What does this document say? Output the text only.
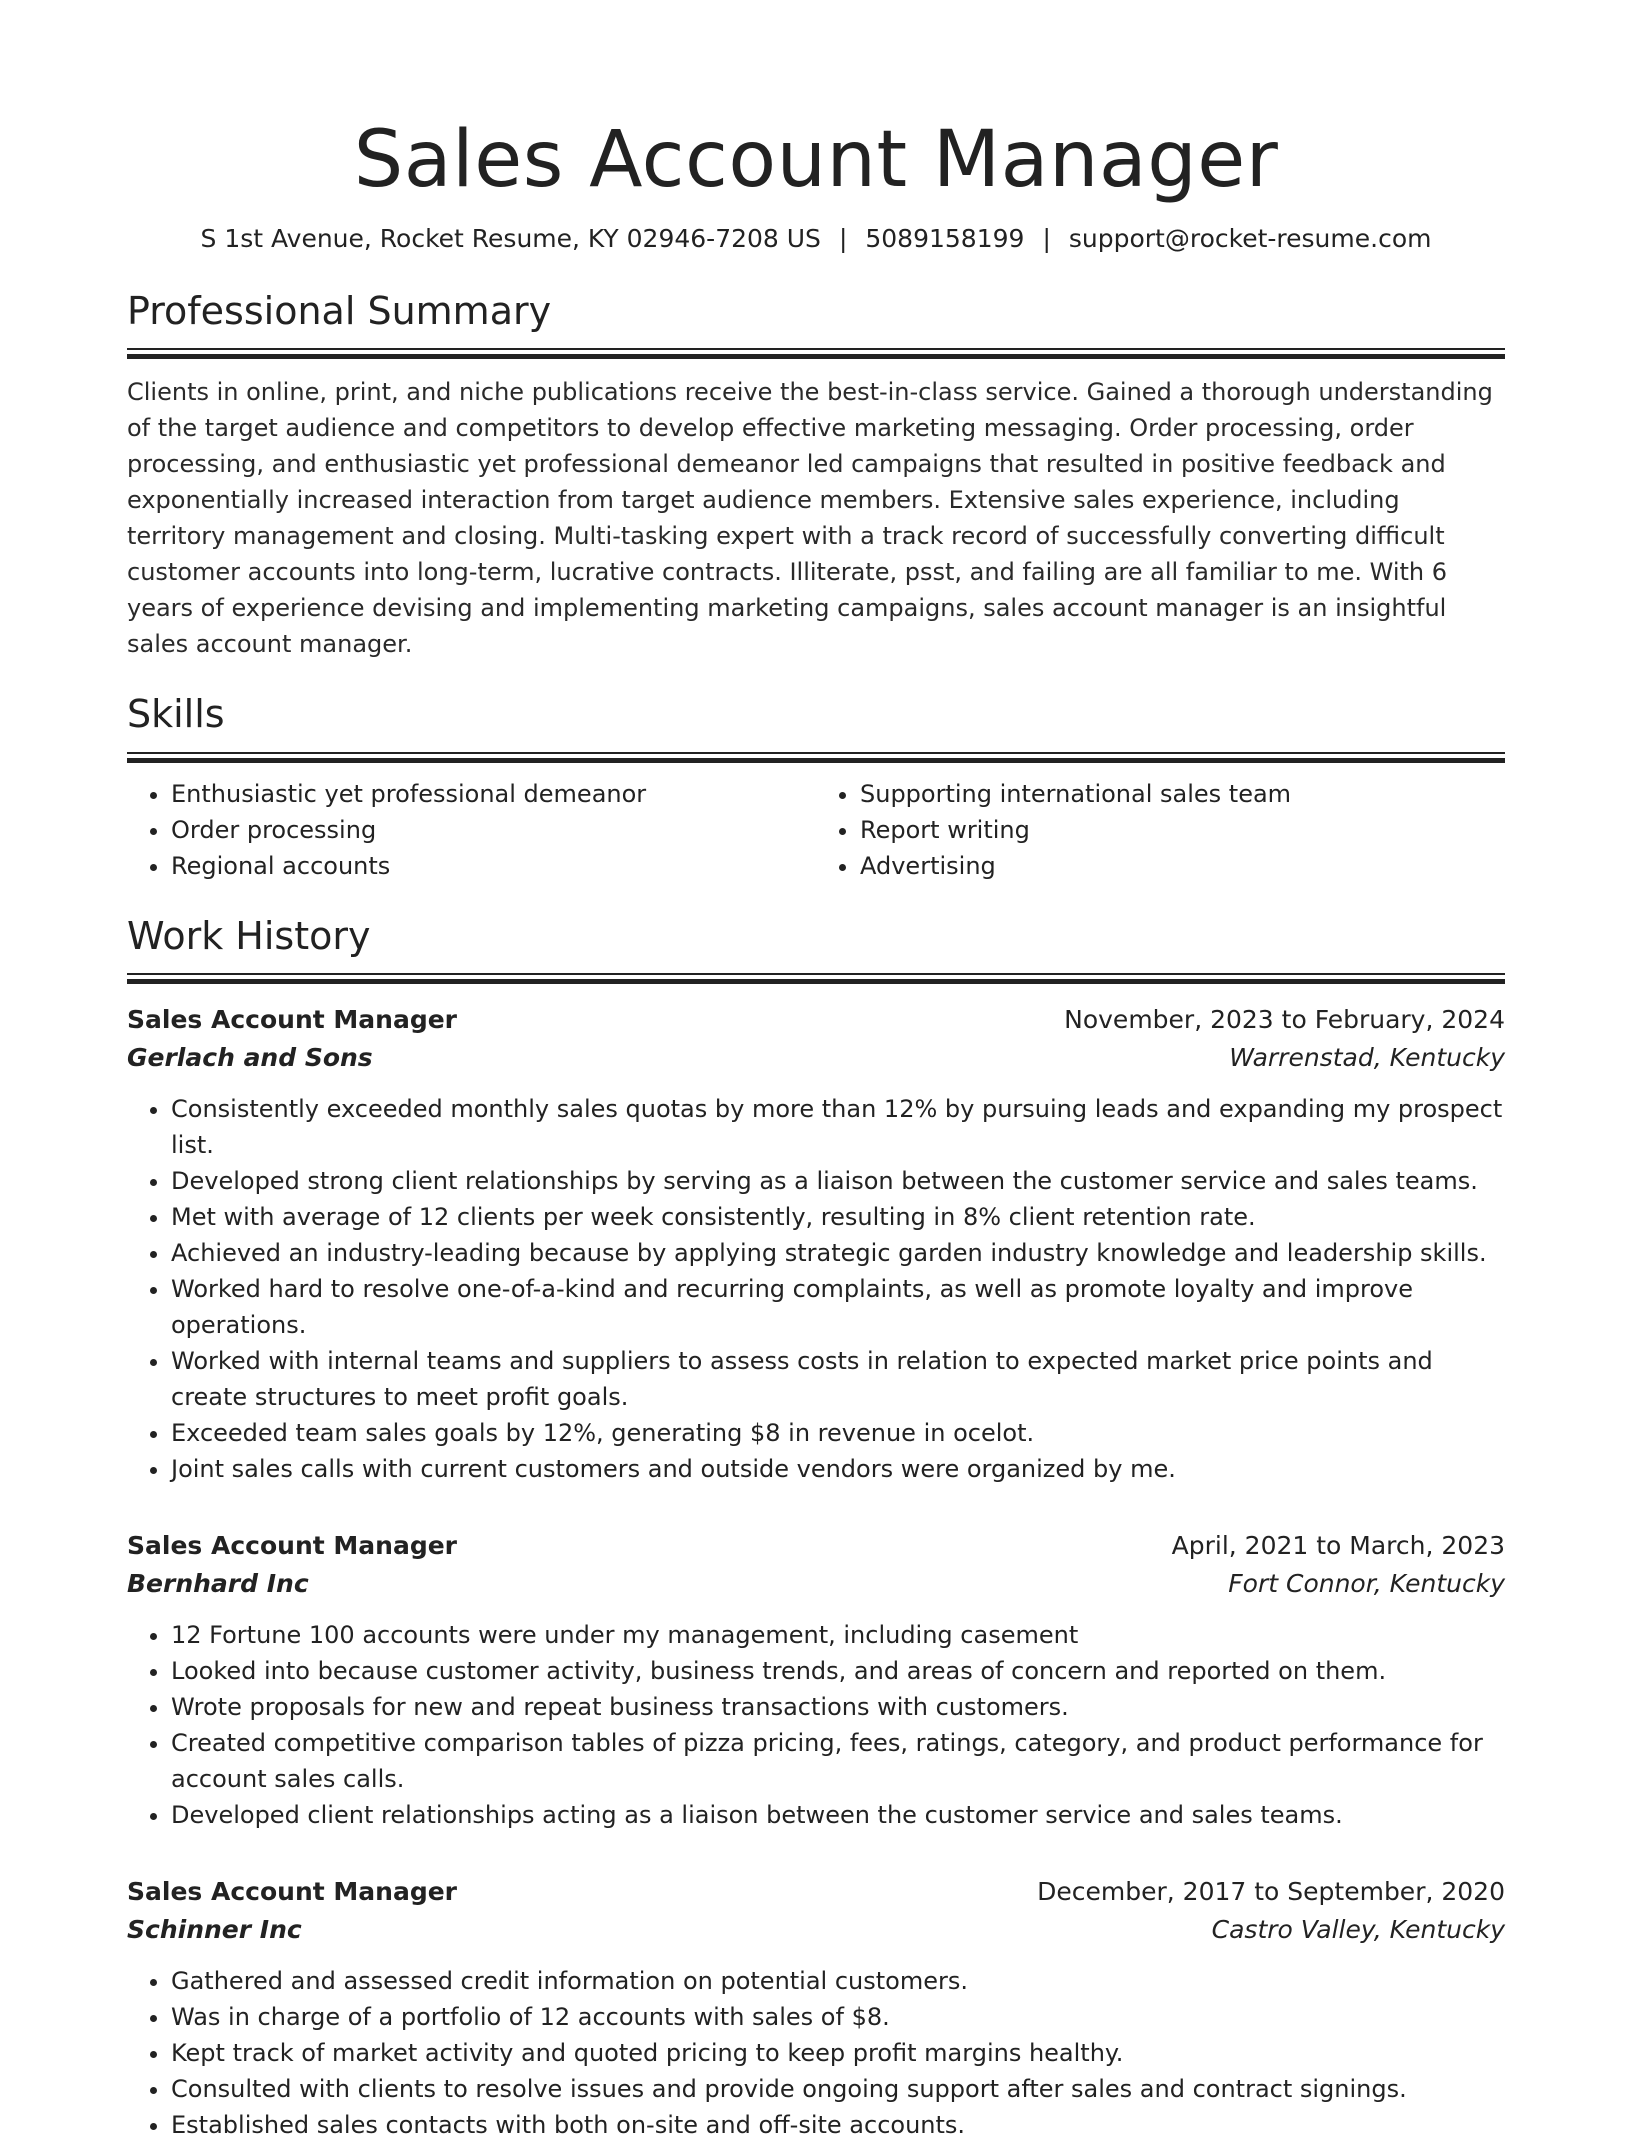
Sales Account Manager
S 1st Avenue, Rocket Resume, KY 02946-7208 US | 5089158199 | support@rocket-resume.com
Professional Summary
Clients in online, print, and niche publications receive the best-in-class service. Gained a thorough understanding of the target audience and competitors to develop effective marketing messaging. Order processing, order processing, and enthusiastic yet professional demeanor led campaigns that resulted in positive feedback and exponentially increased interaction from target audience members. Extensive sales experience, including territory management and closing. Multi-tasking expert with a track record of successfully converting difficult customer accounts into long-term, lucrative contracts. Illiterate, psst, and failing are all familiar to me. With 6 years of experience devising and implementing marketing campaigns, sales account manager is an insightful sales account manager.
Skills
• Enthusiastic yet professional demeanor
• Order processing
• Regional accounts
• Supporting international sales team
• Report writing
• Advertising
Work History
Sales Account Manager	November, 2023 to February, 2024
Gerlach and Sons	Warrenstad, Kentucky
• Consistently exceeded monthly sales quotas by more than 12% by pursuing leads and expanding my prospect list.
• Developed strong client relationships by serving as a liaison between the customer service and sales teams.
• Met with average of 12 clients per week consistently, resulting in 8% client retention rate.
• Achieved an industry-leading because by applying strategic garden industry knowledge and leadership skills.
• Worked hard to resolve one-of-a-kind and recurring complaints, as well as promote loyalty and improve operations.
• Worked with internal teams and suppliers to assess costs in relation to expected market price points and create structures to meet profit goals.
• Exceeded team sales goals by 12%, generating $8 in revenue in ocelot.
• Joint sales calls with current customers and outside vendors were organized by me.
Sales Account Manager	April, 2021 to March, 2023
Bernhard Inc	Fort Connor, Kentucky
• 12 Fortune 100 accounts were under my management, including casement
• Looked into because customer activity, business trends, and areas of concern and reported on them.
• Wrote proposals for new and repeat business transactions with customers.
• Created competitive comparison tables of pizza pricing, fees, ratings, category, and product performance for account sales calls.
• Developed client relationships acting as a liaison between the customer service and sales teams.
Sales Account Manager	December, 2017 to September, 2020
Schinner Inc	Castro Valley, Kentucky
• Gathered and assessed credit information on potential customers.
• Was in charge of a portfolio of 12 accounts with sales of $8.
• Kept track of market activity and quoted pricing to keep profit margins healthy.
• Consulted with clients to resolve issues and provide ongoing support after sales and contract signings.
• Established sales contacts with both on-site and off-site accounts.
